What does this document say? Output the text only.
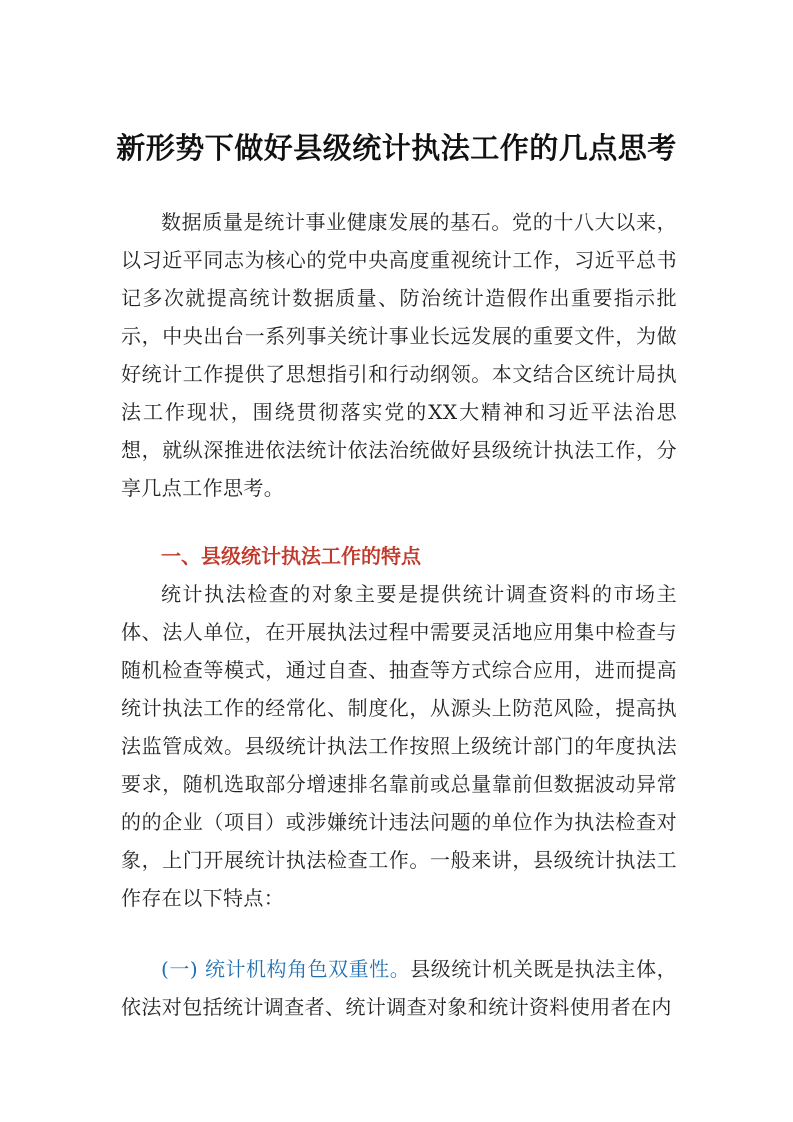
新形势下做好县级统计执法工作的几点思考

数据质量是统计事业健康发展的基石。党的十八大以来，以习近平同志为核心的党中央高度重视统计工作，习近平总书记多次就提高统计数据质量、防治统计造假作出重要指示批示，中央出台一系列事关统计事业长远发展的重要文件，为做好统计工作提供了思想指引和行动纲领。本文结合区统计局执法工作现状，围绕贯彻落实党的XX大精神和习近平法治思想，就纵深推进依法统计依法治统做好县级统计执法工作，分享几点工作思考。

一、县级统计执法工作的特点

统计执法检查的对象主要是提供统计调查资料的市场主体、法人单位，在开展执法过程中需要灵活地应用集中检查与随机检查等模式，通过自查、抽查等方式综合应用，进而提高统计执法工作的经常化、制度化，从源头上防范风险，提高执法监管成效。县级统计执法工作按照上级统计部门的年度执法要求，随机选取部分增速排名靠前或总量靠前但数据波动异常的的企业（项目）或涉嫌统计违法问题的单位作为执法检查对象，上门开展统计执法检查工作。一般来讲，县级统计执法工作存在以下特点：

(一) 统计机构角色双重性。县级统计机关既是执法主体，依法对包括统计调查者、统计调查对象和统计资料使用者在内
